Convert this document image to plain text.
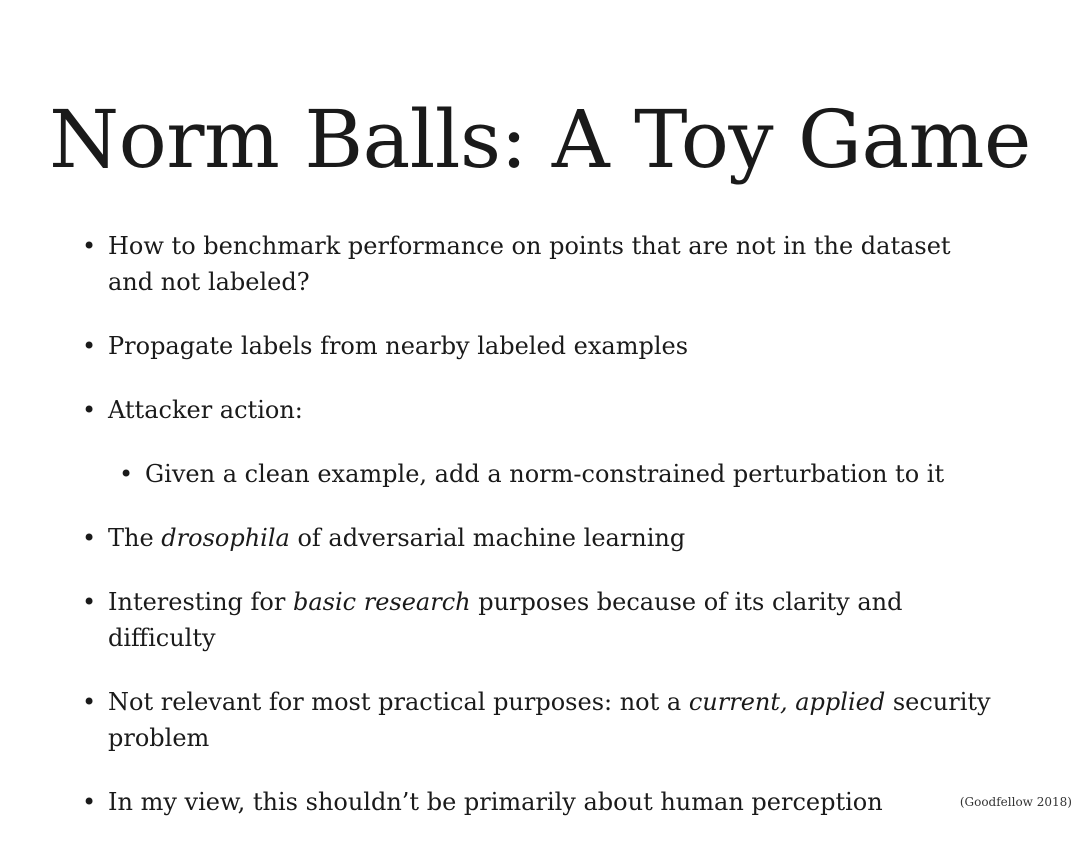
Norm Balls: A Toy Game
• How to benchmark performance on points that are not in the dataset and not labeled?
• Propagate labels from nearby labeled examples
• Attacker action:
• Given a clean example, add a norm-constrained perturbation to it
• The drosophila of adversarial machine learning
• Interesting for basic research purposes because of its clarity and difficulty
• Not relevant for most practical purposes: not a current, applied security problem
• In my view, this shouldn’t be primarily about human perception	(Goodfellow 2018)
